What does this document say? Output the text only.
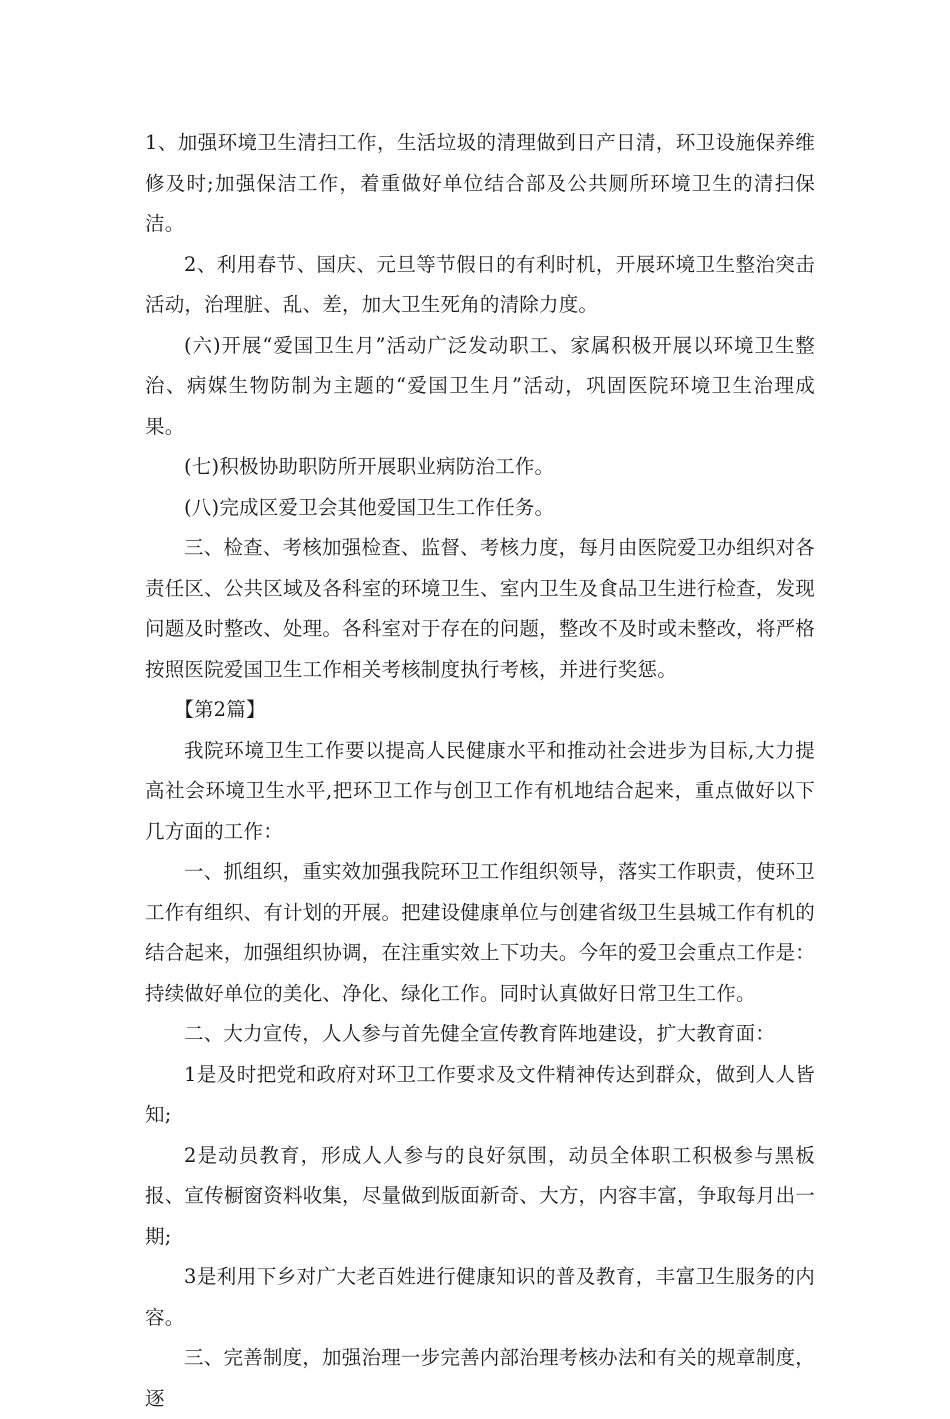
1、加强环境卫生清扫工作，生活垃圾的清理做到日产日清，环卫设施保养维修及时;加强保洁工作，着重做好单位结合部及公共厕所环境卫生的清扫保洁。

2、利用春节、国庆、元旦等节假日的有利时机，开展环境卫生整治突击活动，治理脏、乱、差，加大卫生死角的清除力度。

(六)开展“爱国卫生月”活动广泛发动职工、家属积极开展以环境卫生整治、病媒生物防制为主题的“爱国卫生月”活动，巩固医院环境卫生治理成果。

(七)积极协助职防所开展职业病防治工作。

(八)完成区爱卫会其他爱国卫生工作任务。

三、检查、考核加强检查、监督、考核力度，每月由医院爱卫办组织对各责任区、公共区域及各科室的环境卫生、室内卫生及食品卫生进行检查，发现问题及时整改、处理。各科室对于存在的问题，整改不及时或未整改，将严格按照医院爱国卫生工作相关考核制度执行考核，并进行奖惩。

【第2篇】

我院环境卫生工作要以提高人民健康水平和推动社会进步为目标,大力提高社会环境卫生水平,把环卫工作与创卫工作有机地结合起来，重点做好以下几方面的工作：

一、抓组织，重实效加强我院环卫工作组织领导，落实工作职责，使环卫工作有组织、有计划的开展。把建设健康单位与创建省级卫生县城工作有机的结合起来，加强组织协调，在注重实效上下功夫。今年的爱卫会重点工作是：持续做好单位的美化、净化、绿化工作。同时认真做好日常卫生工作。

二、大力宣传，人人参与首先健全宣传教育阵地建设，扩大教育面：

1是及时把党和政府对环卫工作要求及文件精神传达到群众，做到人人皆知;

2是动员教育，形成人人参与的良好氛围，动员全体职工积极参与黑板报、宣传橱窗资料收集，尽量做到版面新奇、大方，内容丰富，争取每月出一期;

3是利用下乡对广大老百姓进行健康知识的普及教育，丰富卫生服务的内容。

三、完善制度，加强治理一步完善内部治理考核办法和有关的规章制度，逐
